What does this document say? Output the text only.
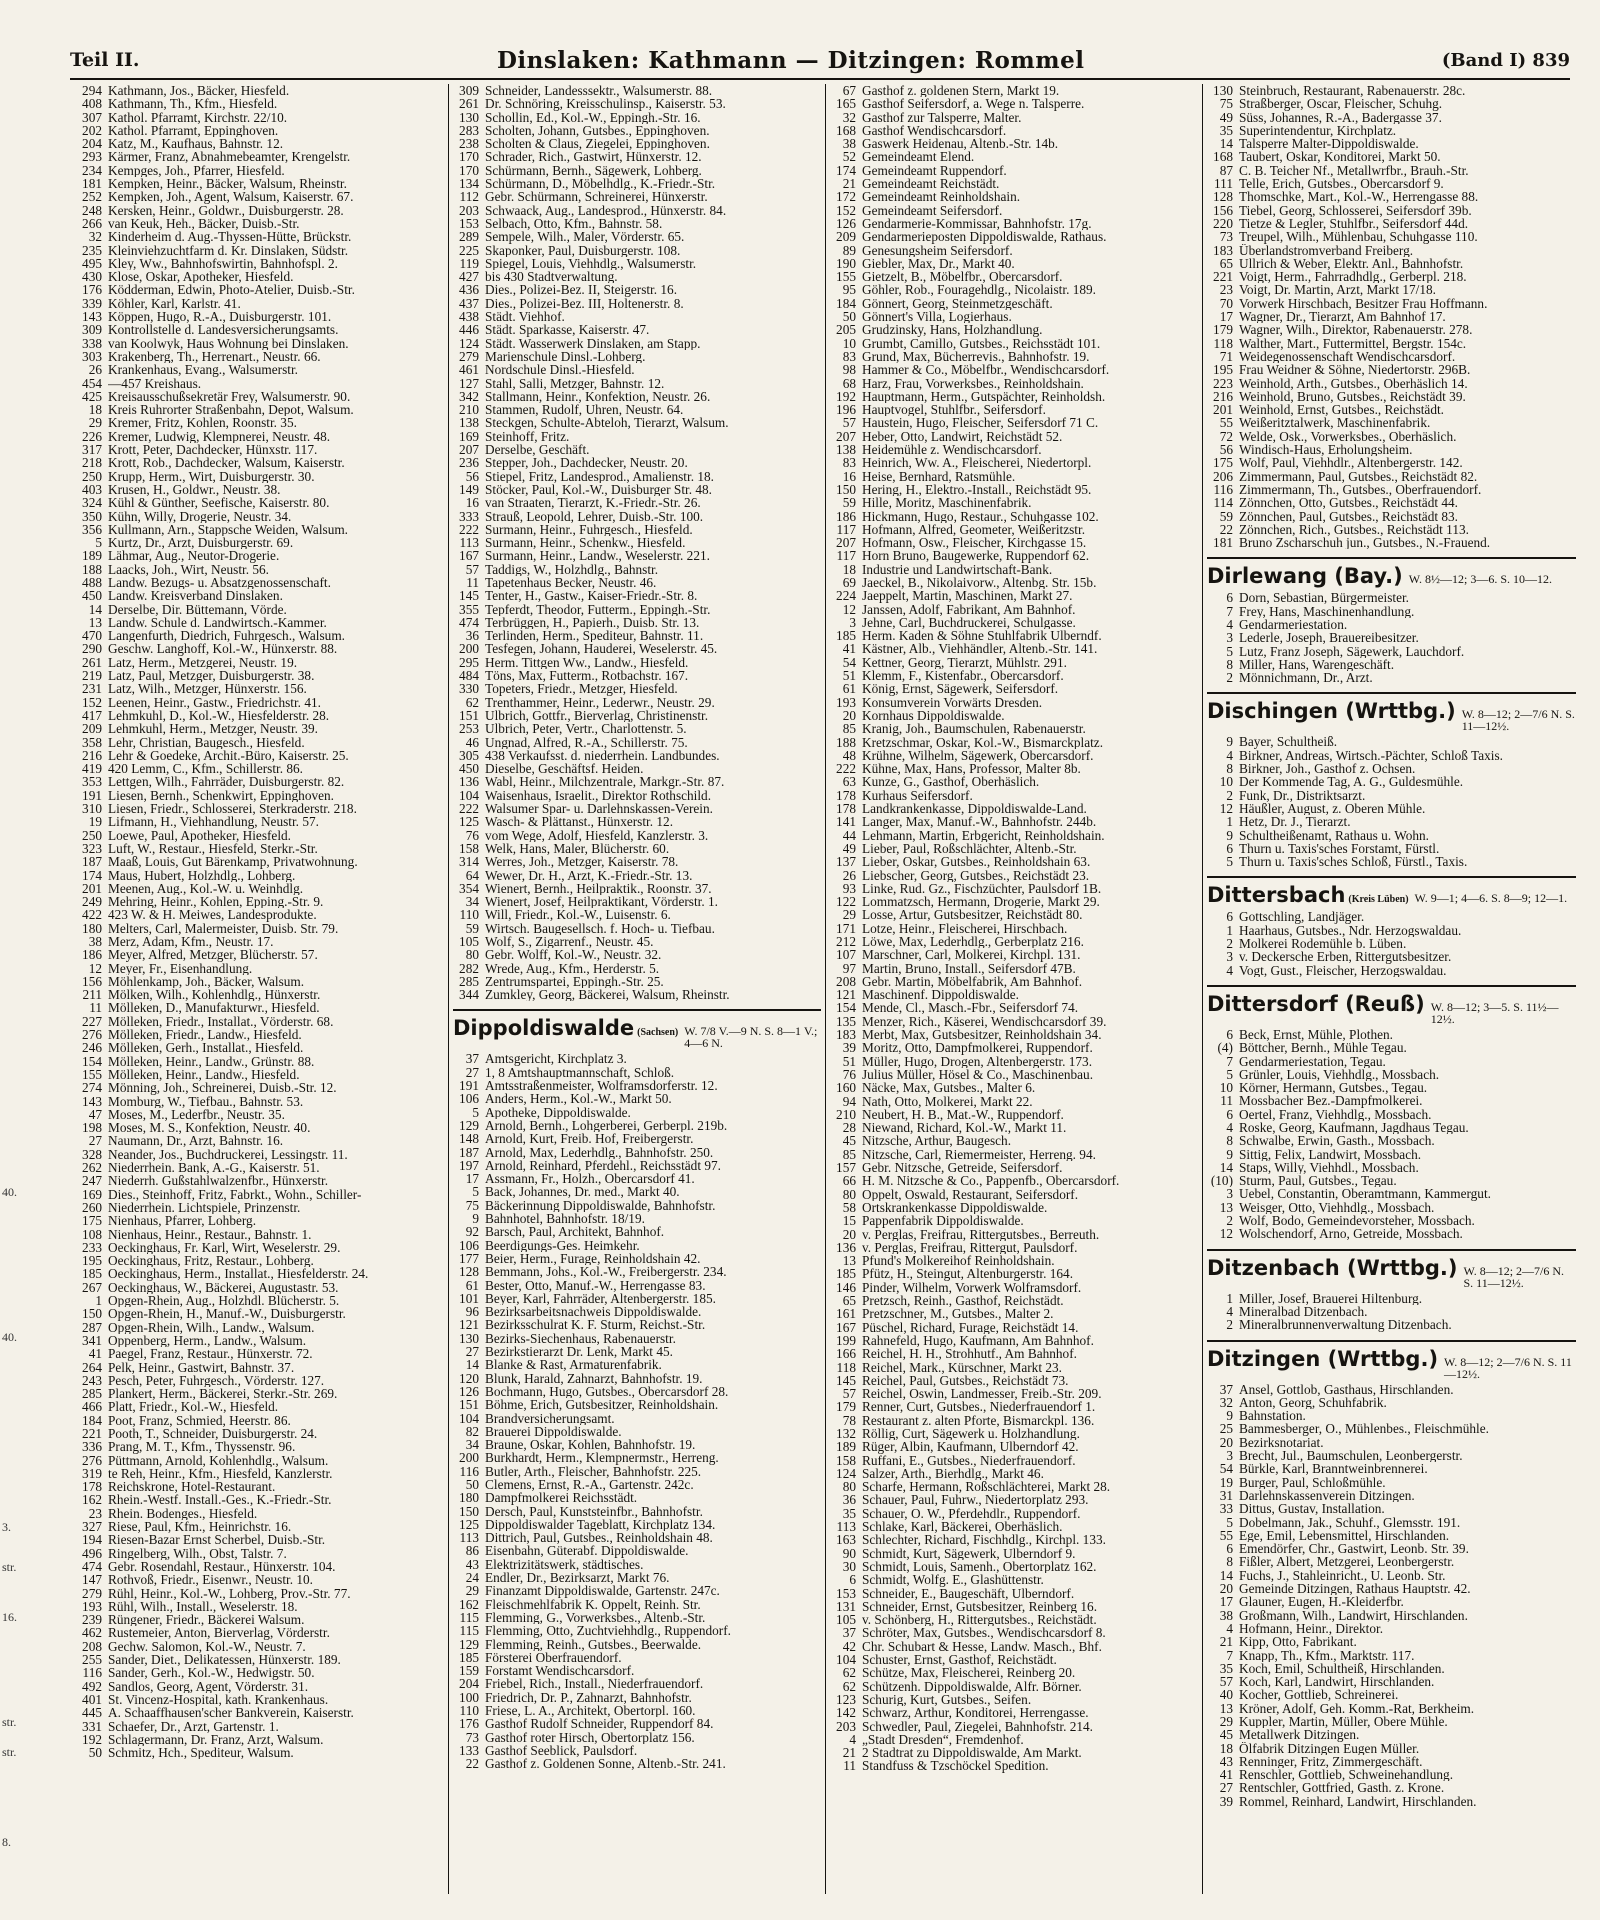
Teil II.	Dinslaken: Kathmann — Ditzingen: Rommel	(Band I) 839
40.
40.
3.
str.
16.
str.
str.
8.
294 Kathmann, Jos., Bäcker, Hiesfeld.
408 Kathmann, Th., Kfm., Hiesfeld.
307 Kathol. Pfarramt, Kirchstr. 22/10.
202 Kathol. Pfarramt, Eppinghoven.
204 Katz, M., Kaufhaus, Bahnstr. 12.
293 Kärmer, Franz, Abnahmebeamter, Krengelstr.
234 Kempges, Joh., Pfarrer, Hiesfeld.
181 Kempken, Heinr., Bäcker, Walsum, Rheinstr.
252 Kempken, Joh., Agent, Walsum, Kaiserstr. 67.
248 Kersken, Heinr., Goldwr., Duisburgerstr. 28.
266 van Keuk, Heh., Bäcker, Duisb.-Str.
32 Kinderheim d. Aug.-Thyssen-Hütte, Brückstr.
235 Kleinviehzuchtfarm d. Kr. Dinslaken, Südstr.
495 Kley, Ww., Bahnhofswirtin, Bahnhofspl. 2.
430 Klose, Oskar, Apotheker, Hiesfeld.
176 Ködderman, Edwin, Photo-Atelier, Duisb.-Str.
339 Köhler, Karl, Karlstr. 41.
143 Köppen, Hugo, R.-A., Duisburgerstr. 101.
309 Kontrollstelle d. Landesversicherungsamts.
338 van Koolwyk, Haus Wohnung bei Dinslaken.
303 Krakenberg, Th., Herrenart., Neustr. 66.
26 Krankenhaus, Evang., Walsumerstr.
454 —457 Kreishaus.
425 Kreisausschußsekretär Frey, Walsumerstr. 90.
18 Kreis Ruhrorter Straßenbahn, Depot, Walsum.
29 Kremer, Fritz, Kohlen, Roonstr. 35.
226 Kremer, Ludwig, Klempnerei, Neustr. 48.
317 Krott, Peter, Dachdecker, Hünxstr. 117.
218 Krott, Rob., Dachdecker, Walsum, Kaiserstr.
250 Krupp, Herm., Wirt, Duisburgerstr. 30.
403 Krusen, H., Goldwr., Neustr. 38.
324 Kühl & Günther, Seefische, Kaiserstr. 80.
350 Kühn, Willy, Drogerie, Neustr. 34.
356 Kullmann, Arn., Stappsche Weiden, Walsum.
5 Kurtz, Dr., Arzt, Duisburgerstr. 69.
189 Lähmar, Aug., Neutor-Drogerie.
188 Laacks, Joh., Wirt, Neustr. 56.
488 Landw. Bezugs- u. Absatzgenossenschaft.
450 Landw. Kreisverband Dinslaken.
14 Derselbe, Dir. Büttemann, Vörde.
13 Landw. Schule d. Landwirtsch.-Kammer.
470 Langenfurth, Diedrich, Fuhrgesch., Walsum.
290 Geschw. Langhoff, Kol.-W., Hünxerstr. 88.
261 Latz, Herm., Metzgerei, Neustr. 19.
219 Latz, Paul, Metzger, Duisburgerstr. 38.
231 Latz, Wilh., Metzger, Hünxerstr. 156.
152 Leenen, Heinr., Gastw., Friedrichstr. 41.
417 Lehmkuhl, D., Kol.-W., Hiesfelderstr. 28.
209 Lehmkuhl, Herm., Metzger, Neustr. 39.
358 Lehr, Christian, Baugesch., Hiesfeld.
216 Lehr & Goedeke, Archit.-Büro, Kaiserstr. 25.
419 420 Lemm, C., Kfm., Schillerstr. 86.
353 Lettgen, Wilh., Fahrräder, Duisburgerstr. 82.
191 Liesen, Bernh., Schenkwirt, Eppinghoven.
310 Liesen, Friedr., Schlosserei, Sterkraderstr. 218.
19 Lifmann, H., Viehhandlung, Neustr. 57.
250 Loewe, Paul, Apotheker, Hiesfeld.
323 Luft, W., Restaur., Hiesfeld, Sterkr.-Str.
187 Maaß, Louis, Gut Bärenkamp, Privatwohnung.
174 Maus, Hubert, Holzhdlg., Lohberg.
201 Meenen, Aug., Kol.-W. u. Weinhdlg.
249 Mehring, Heinr., Kohlen, Epping.-Str. 9.
422 423 W. & H. Meiwes, Landesprodukte.
180 Melters, Carl, Malermeister, Duisb. Str. 79.
38 Merz, Adam, Kfm., Neustr. 17.
186 Meyer, Alfred, Metzger, Blücherstr. 57.
12 Meyer, Fr., Eisenhandlung.
156 Möhlenkamp, Joh., Bäcker, Walsum.
211 Mölken, Wilh., Kohlenhdlg., Hünxerstr.
11 Mölleken, D., Manufakturwr., Hiesfeld.
227 Mölleken, Friedr., Installat., Vörderstr. 68.
276 Mölleken, Friedr., Landw., Hiesfeld.
246 Mölleken, Gerh., Installat., Hiesfeld.
154 Mölleken, Heinr., Landw., Grünstr. 88.
155 Mölleken, Heinr., Landw., Hiesfeld.
274 Mönning, Joh., Schreinerei, Duisb.-Str. 12.
143 Momburg, W., Tiefbau., Bahnstr. 53.
47 Moses, M., Lederfbr., Neustr. 35.
198 Moses, M. S., Konfektion, Neustr. 40.
27 Naumann, Dr., Arzt, Bahnstr. 16.
328 Neander, Jos., Buchdruckerei, Lessingstr. 11.
262 Niederrhein. Bank, A.-G., Kaiserstr. 51.
247 Niederrh. Gußstahlwalzenfbr., Hünxerstr.
169 Dies., Steinhoff, Fritz, Fabrkt., Wohn., Schiller-
260 Niederrhein. Lichtspiele, Prinzenstr.
175 Nienhaus, Pfarrer, Lohberg.
108 Nienhaus, Heinr., Restaur., Bahnstr. 1.
233 Oeckinghaus, Fr. Karl, Wirt, Weselerstr. 29.
195 Oeckinghaus, Fritz, Restaur., Lohberg.
185 Oeckinghaus, Herm., Installat., Hiesfelderstr. 24.
267 Oeckinghaus, W., Bäckerei, Augustastr. 53.
1 Opgen-Rhein, Aug., Holzhdl. Blücherstr. 5.
150 Opgen-Rhein, H., Manuf.-W., Duisburgerstr.
287 Opgen-Rhein, Wilh., Landw., Walsum.
341 Oppenberg, Herm., Landw., Walsum.
41 Paegel, Franz, Restaur., Hünxerstr. 72.
264 Pelk, Heinr., Gastwirt, Bahnstr. 37.
243 Pesch, Peter, Fuhrgesch., Vörderstr. 127.
285 Plankert, Herm., Bäckerei, Sterkr.-Str. 269.
466 Platt, Friedr., Kol.-W., Hiesfeld.
184 Poot, Franz, Schmied, Heerstr. 86.
221 Pooth, T., Schneider, Duisburgerstr. 24.
336 Prang, M. T., Kfm., Thyssenstr. 96.
276 Püttmann, Arnold, Kohlenhdlg., Walsum.
319 te Reh, Heinr., Kfm., Hiesfeld, Kanzlerstr.
178 Reichskrone, Hotel-Restaurant.
162 Rhein.-Westf. Install.-Ges., K.-Friedr.-Str.
23 Rhein. Bodenges., Hiesfeld.
327 Riese, Paul, Kfm., Heinrichstr. 16.
194 Riesen-Bazar Ernst Scherbel, Duisb.-Str.
496 Ringelberg, Wilh., Obst, Talstr. 7.
474 Gebr. Rosendahl, Restaur., Hünxerstr. 104.
147 Rothvoß, Friedr., Eisenwr., Neustr. 10.
279 Rühl, Heinr., Kol.-W., Lohberg, Prov.-Str. 77.
193 Rühl, Wilh., Install., Weselerstr. 18.
239 Rüngener, Friedr., Bäckerei Walsum.
462 Rustemeier, Anton, Bierverlag, Vörderstr.
208 Gechw. Salomon, Kol.-W., Neustr. 7.
255 Sander, Diet., Delikatessen, Hünxerstr. 189.
116 Sander, Gerh., Kol.-W., Hedwigstr. 50.
492 Sandlos, Georg, Agent, Vörderstr. 31.
401 St. Vincenz-Hospital, kath. Krankenhaus.
445 A. Schaaffhausen'scher Bankverein, Kaiserstr.
331 Schaefer, Dr., Arzt, Gartenstr. 1.
192 Schlagermann, Dr. Franz, Arzt, Walsum.
50 Schmitz, Hch., Spediteur, Walsum.
309 Schneider, Landesssektr., Walsumerstr. 88.
261 Dr. Schnöring, Kreisschulinsp., Kaiserstr. 53.
130 Schollin, Ed., Kol.-W., Eppingh.-Str. 16.
283 Scholten, Johann, Gutsbes., Eppinghoven.
238 Scholten & Claus, Ziegelei, Eppinghoven.
170 Schrader, Rich., Gastwirt, Hünxerstr. 12.
170 Schürmann, Bernh., Sägewerk, Lohberg.
134 Schürmann, D., Möbelhdlg., K.-Friedr.-Str.
112 Gebr. Schürmann, Schreinerei, Hünxerstr.
203 Schwaack, Aug., Landesprod., Hünxerstr. 84.
153 Selbach, Otto, Kfm., Bahnstr. 58.
289 Sempele, Wilh., Maler, Vörderstr. 65.
225 Skaponker, Paul, Duisburgerstr. 108.
119 Spiegel, Louis, Viehhdlg., Walsumerstr.
427 bis 430 Stadtverwaltung.
436 Dies., Polizei-Bez. II, Steigerstr. 16.
437 Dies., Polizei-Bez. III, Holtenerstr. 8.
438 Städt. Viehhof.
446 Städt. Sparkasse, Kaiserstr. 47.
124 Städt. Wasserwerk Dinslaken, am Stapp.
279 Marienschule Dinsl.-Lohberg.
461 Nordschule Dinsl.-Hiesfeld.
127 Stahl, Salli, Metzger, Bahnstr. 12.
342 Stallmann, Heinr., Konfektion, Neustr. 26.
210 Stammen, Rudolf, Uhren, Neustr. 64.
138 Steckgen, Schulte-Abteloh, Tierarzt, Walsum.
169 Steinhoff, Fritz.
207 Derselbe, Geschäft.
236 Stepper, Joh., Dachdecker, Neustr. 20.
56 Stiepel, Fritz, Landesprod., Amalienstr. 18.
149 Stöcker, Paul, Kol.-W., Duisburger Str. 48.
16 van Straaten, Tierarzt, K.-Friedr.-Str. 26.
333 Strauß, Leopold, Lehrer, Duisb.-Str. 100.
222 Surmann, Heinr., Fuhrgesch., Hiesfeld.
113 Surmann, Heinr., Schenkw., Hiesfeld.
167 Surmann, Heinr., Landw., Weselerstr. 221.
57 Taddigs, W., Holzhdlg., Bahnstr.
11 Tapetenhaus Becker, Neustr. 46.
145 Tenter, H., Gastw., Kaiser-Friedr.-Str. 8.
355 Tepferdt, Theodor, Futterm., Eppingh.-Str.
474 Terbrüggen, H., Papierh., Duisb. Str. 13.
36 Terlinden, Herm., Spediteur, Bahnstr. 11.
200 Tesfegen, Johann, Hauderei, Weselerstr. 45.
295 Herm. Tittgen Ww., Landw., Hiesfeld.
484 Töns, Max, Futterm., Rotbachstr. 167.
330 Topeters, Friedr., Metzger, Hiesfeld.
62 Trenthammer, Heinr., Lederwr., Neustr. 29.
151 Ulbrich, Gottfr., Bierverlag, Christinenstr.
253 Ulbrich, Peter, Vertr., Charlottenstr. 5.
46 Ungnad, Alfred, R.-A., Schillerstr. 75.
305 438 Verkaufsst. d. niederrhein. Landbundes.
450 Dieselbe, Geschäftsf. Heiden.
136 Wabl, Heinr., Milchzentrale, Markgr.-Str. 87.
104 Waisenhaus, Israelit., Direktor Rothschild.
222 Walsumer Spar- u. Darlehnskassen-Verein.
125 Wasch- & Plättanst., Hünxerstr. 12.
76 vom Wege, Adolf, Hiesfeld, Kanzlerstr. 3.
158 Welk, Hans, Maler, Blücherstr. 60.
314 Werres, Joh., Metzger, Kaiserstr. 78.
64 Wewer, Dr. H., Arzt, K.-Friedr.-Str. 13.
354 Wienert, Bernh., Heilpraktik., Roonstr. 37.
34 Wienert, Josef, Heilpraktikant, Vörderstr. 1.
110 Will, Friedr., Kol.-W., Luisenstr. 6.
59 Wirtsch. Baugesellsch. f. Hoch- u. Tiefbau.
105 Wolf, S., Zigarrenf., Neustr. 45.
80 Gebr. Wolff, Kol.-W., Neustr. 32.
282 Wrede, Aug., Kfm., Herderstr. 5.
285 Zentrumspartei, Eppingh.-Str. 25.
344 Zumkley, Georg, Bäckerei, Walsum, Rheinstr.
Dippoldiswalde (Sachsen) W. 7/8 V.—9 N. S. 8—1 V.; 4—6 N.
37 Amtsgericht, Kirchplatz 3.
27 1, 8 Amtshauptmannschaft, Schloß.
191 Amtsstraßenmeister, Wolframsdorferstr. 12.
106 Anders, Herm., Kol.-W., Markt 50.
5 Apotheke, Dippoldiswalde.
129 Arnold, Bernh., Lohgerberei, Gerberpl. 219b.
148 Arnold, Kurt, Freib. Hof, Freibergerstr.
187 Arnold, Max, Lederhdlg., Bahnhofstr. 250.
197 Arnold, Reinhard, Pferdehl., Reichsstädt 97.
17 Assmann, Fr., Holzh., Obercarsdorf 41.
5 Back, Johannes, Dr. med., Markt 40.
75 Bäckerinnung Dippoldiswalde, Bahnhofstr.
9 Bahnhotel, Bahnhofstr. 18/19.
92 Barsch, Paul, Architekt, Bahnhof.
106 Beerdigungs-Ges. Heimkehr.
177 Beier, Herm., Furage, Reinholdshain 42.
128 Bemmann, Johs., Kol.-W., Freibergerstr. 234.
61 Bester, Otto, Manuf.-W., Herrengasse 83.
101 Beyer, Karl, Fahrräder, Altenbergerstr. 185.
96 Bezirksarbeitsnachweis Dippoldiswalde.
121 Bezirksschulrat K. F. Sturm, Reichst.-Str.
130 Bezirks-Siechenhaus, Rabenauerstr.
27 Bezirkstierarzt Dr. Lenk, Markt 45.
14 Blanke & Rast, Armaturenfabrik.
120 Blunk, Harald, Zahnarzt, Bahnhofstr. 19.
126 Bochmann, Hugo, Gutsbes., Obercarsdorf 28.
151 Böhme, Erich, Gutsbesitzer, Reinholdshain.
104 Brandversicherungsamt.
82 Brauerei Dippoldiswalde.
34 Braune, Oskar, Kohlen, Bahnhofstr. 19.
200 Burkhardt, Herm., Klempnermstr., Herreng.
116 Butler, Arth., Fleischer, Bahnhofstr. 225.
50 Clemens, Ernst, R.-A., Gartenstr. 242c.
180 Dampfmolkerei Reichsstädt.
150 Dersch, Paul, Kunststeinfbr., Bahnhofstr.
125 Dippoldiswalder Tageblatt, Kirchplatz 134.
113 Dittrich, Paul, Gutsbes., Reinholdshain 48.
86 Eisenbahn, Güterabf. Dippoldiswalde.
43 Elektrizitätswerk, städtisches.
24 Endler, Dr., Bezirksarzt, Markt 76.
29 Finanzamt Dippoldiswalde, Gartenstr. 247c.
162 Fleischmehlfabrik K. Oppelt, Reinh. Str.
115 Flemming, G., Vorwerksbes., Altenb.-Str.
115 Flemming, Otto, Zuchtviehhdlg., Ruppendorf.
129 Flemming, Reinh., Gutsbes., Beerwalde.
185 Försterei Oberfrauendorf.
159 Forstamt Wendischcarsdorf.
204 Friebel, Rich., Install., Niederfrauendorf.
100 Friedrich, Dr. P., Zahnarzt, Bahnhofstr.
110 Friese, L. A., Architekt, Obertorpl. 160.
176 Gasthof Rudolf Schneider, Ruppendorf 84.
73 Gasthof roter Hirsch, Obertorplatz 156.
133 Gasthof Seeblick, Paulsdorf.
22 Gasthof z. Goldenen Sonne, Altenb.-Str. 241.
67 Gasthof z. goldenen Stern, Markt 19.
165 Gasthof Seifersdorf, a. Wege n. Talsperre.
32 Gasthof zur Talsperre, Malter.
168 Gasthof Wendischcarsdorf.
38 Gaswerk Heidenau, Altenb.-Str. 14b.
52 Gemeindeamt Elend.
174 Gemeindeamt Ruppendorf.
21 Gemeindeamt Reichstädt.
172 Gemeindeamt Reinholdshain.
152 Gemeindeamt Seifersdorf.
126 Gendarmerie-Kommissar, Bahnhofstr. 17g.
209 Gendarmerieposten Dippoldiswalde, Rathaus.
89 Genesungsheim Seifersdorf.
190 Giebler, Max, Dr., Markt 40.
155 Gietzelt, B., Möbelfbr., Obercarsdorf.
95 Göhler, Rob., Fouragehdlg., Nicolaistr. 189.
184 Gönnert, Georg, Steinmetzgeschäft.
50 Gönnert's Villa, Logierhaus.
205 Grudzinsky, Hans, Holzhandlung.
10 Grumbt, Camillo, Gutsbes., Reichsstädt 101.
83 Grund, Max, Bücherrevis., Bahnhofstr. 19.
98 Hammer & Co., Möbelfbr., Wendischcarsdorf.
68 Harz, Frau, Vorwerksbes., Reinholdshain.
192 Hauptmann, Herm., Gutspächter, Reinholdsh.
196 Hauptvogel, Stuhlfbr., Seifersdorf.
57 Haustein, Hugo, Fleischer, Seifersdorf 71 C.
207 Heber, Otto, Landwirt, Reichstädt 52.
138 Heidemühle z. Wendischcarsdorf.
83 Heinrich, Ww. A., Fleischerei, Niedertorpl.
16 Heise, Bernhard, Ratsmühle.
150 Hering, H., Elektro.-Install., Reichstädt 95.
59 Hille, Moritz, Maschinenfabrik.
186 Hickmann, Hugo, Restaur., Schuhgasse 102.
117 Hofmann, Alfred, Geometer, Weißeritzstr.
207 Hofmann, Osw., Fleischer, Kirchgasse 15.
117 Horn Bruno, Baugewerke, Ruppendorf 62.
18 Industrie und Landwirtschaft-Bank.
69 Jaeckel, B., Nikolaivorw., Altenbg. Str. 15b.
224 Jaeppelt, Martin, Maschinen, Markt 27.
12 Janssen, Adolf, Fabrikant, Am Bahnhof.
3 Jehne, Carl, Buchdruckerei, Schulgasse.
185 Herm. Kaden & Söhne Stuhlfabrik Ulberndf.
41 Kästner, Alb., Viehhändler, Altenb.-Str. 141.
54 Kettner, Georg, Tierarzt, Mühlstr. 291.
51 Klemm, F., Kistenfabr., Obercarsdorf.
61 König, Ernst, Sägewerk, Seifersdorf.
193 Konsumverein Vorwärts Dresden.
20 Kornhaus Dippoldiswalde.
85 Kranig, Joh., Baumschulen, Rabenauerstr.
188 Kretzschmar, Oskar, Kol.-W., Bismarckplatz.
48 Krühne, Wilhelm, Sägewerk, Obercarsdorf.
222 Kühne, Max, Hans, Professor, Malter 8b.
63 Kunze, G., Gasthof, Oberhäslich.
178 Kurhaus Seifersdorf.
178 Landkrankenkasse, Dippoldiswalde-Land.
141 Langer, Max, Manuf.-W., Bahnhofstr. 244b.
44 Lehmann, Martin, Erbgericht, Reinholdshain.
49 Lieber, Paul, Roßschlächter, Altenb.-Str.
137 Lieber, Oskar, Gutsbes., Reinholdshain 63.
26 Liebscher, Georg, Gutsbes., Reichstädt 23.
93 Linke, Rud. Gz., Fischzüchter, Paulsdorf 1B.
122 Lommatzsch, Hermann, Drogerie, Markt 29.
29 Losse, Artur, Gutsbesitzer, Reichstädt 80.
171 Lotze, Heinr., Fleischerei, Hirschbach.
212 Löwe, Max, Lederhdlg., Gerberplatz 216.
107 Marschner, Carl, Molkerei, Kirchpl. 131.
97 Martin, Bruno, Install., Seifersdorf 47B.
208 Gebr. Martin, Möbelfabrik, Am Bahnhof.
121 Maschinenf. Dippoldiswalde.
154 Mende, Cl., Masch.-Fbr., Seifersdorf 74.
135 Menzer, Rich., Käserei, Wendischcarsdorf 39.
183 Merbt, Max, Gutsbesitzer, Reinholdshain 34.
39 Moritz, Otto, Dampfmolkerei, Ruppendorf.
51 Müller, Hugo, Drogen, Altenbergerstr. 173.
76 Julius Müller, Hösel & Co., Maschinenbau.
160 Näcke, Max, Gutsbes., Malter 6.
94 Nath, Otto, Molkerei, Markt 22.
210 Neubert, H. B., Mat.-W., Ruppendorf.
28 Niewand, Richard, Kol.-W., Markt 11.
45 Nitzsche, Arthur, Baugesch.
85 Nitzsche, Carl, Riemermeister, Herreng. 94.
157 Gebr. Nitzsche, Getreide, Seifersdorf.
66 H. M. Nitzsche & Co., Pappenfb., Obercarsdorf.
80 Oppelt, Oswald, Restaurant, Seifersdorf.
58 Ortskrankenkasse Dippoldiswalde.
15 Pappenfabrik Dippoldiswalde.
20 v. Perglas, Freifrau, Rittergutsbes., Berreuth.
136 v. Perglas, Freifrau, Rittergut, Paulsdorf.
13 Pfund's Molkereihof Reinholdshain.
185 Pfütz, H., Steingut, Altenburgerstr. 164.
146 Pinder, Wilhelm, Vorwerk Wolframsdorf.
65 Pretzsch, Reinh., Gasthof, Reichstädt.
161 Pretzschner, M., Gutsbes., Malter 2.
167 Püschel, Richard, Furage, Reichstädt 14.
199 Rahnefeld, Hugo, Kaufmann, Am Bahnhof.
166 Reichel, H. H., Strohhutf., Am Bahnhof.
118 Reichel, Mark., Kürschner, Markt 23.
145 Reichel, Paul, Gutsbes., Reichstädt 73.
57 Reichel, Oswin, Landmesser, Freib.-Str. 209.
179 Renner, Curt, Gutsbes., Niederfrauendorf 1.
78 Restaurant z. alten Pforte, Bismarckpl. 136.
132 Röllig, Curt, Sägewerk u. Holzhandlung.
189 Rüger, Albin, Kaufmann, Ulberndorf 42.
158 Ruffani, E., Gutsbes., Niederfrauendorf.
124 Salzer, Arth., Bierhdlg., Markt 46.
80 Scharfe, Hermann, Roßschlächterei, Markt 28.
36 Schauer, Paul, Fuhrw., Niedertorplatz 293.
35 Schauer, O. W., Pferdehdlr., Ruppendorf.
113 Schlake, Karl, Bäckerei, Oberhäslich.
163 Schlechter, Richard, Fischhdlg., Kirchpl. 133.
90 Schmidt, Kurt, Sägewerk, Ulberndorf 9.
30 Schmidt, Louis, Samenh., Obertorplatz 162.
6 Schmidt, Wolfg. E., Glashüttenstr.
153 Schneider, E., Baugeschäft, Ulberndorf.
131 Schneider, Ernst, Gutsbesitzer, Reinberg 16.
105 v. Schönberg, H., Rittergutsbes., Reichstädt.
37 Schröter, Max, Gutsbes., Wendischcarsdorf 8.
42 Chr. Schubart & Hesse, Landw. Masch., Bhf.
104 Schuster, Ernst, Gasthof, Reichstädt.
62 Schütze, Max, Fleischerei, Reinberg 20.
62 Schützenh. Dippoldiswalde, Alfr. Börner.
123 Schurig, Kurt, Gutsbes., Seifen.
142 Schwarz, Arthur, Konditorei, Herrengasse.
203 Schwedler, Paul, Ziegelei, Bahnhofstr. 214.
4 „Stadt Dresden“, Fremdenhof.
21 2 Stadtrat zu Dippoldiswalde, Am Markt.
11 Standfuss & Tzschöckel Spedition.
130 Steinbruch, Restaurant, Rabenauerstr. 28c.
75 Straßberger, Oscar, Fleischer, Schuhg.
49 Süss, Johannes, R.-A., Badergasse 37.
35 Superintendentur, Kirchplatz.
14 Talsperre Malter-Dippoldiswalde.
168 Taubert, Oskar, Konditorei, Markt 50.
87 C. B. Teicher Nf., Metallwrfbr., Brauh.-Str.
111 Telle, Erich, Gutsbes., Obercarsdorf 9.
128 Thomschke, Mart., Kol.-W., Herrengasse 88.
156 Tiebel, Georg, Schlosserei, Seifersdorf 39b.
220 Tietze & Legler, Stuhlfbr., Seifersdorf 44d.
73 Treupel, Wilh., Mühlenbau, Schuhgasse 110.
183 Überlandstromverband Freiberg.
65 Ullrich & Weber, Elektr. Anl., Bahnhofstr.
221 Voigt, Herm., Fahrradhdlg., Gerberpl. 218.
23 Voigt, Dr. Martin, Arzt, Markt 17/18.
70 Vorwerk Hirschbach, Besitzer Frau Hoffmann.
17 Wagner, Dr., Tierarzt, Am Bahnhof 17.
179 Wagner, Wilh., Direktor, Rabenauerstr. 278.
118 Walther, Mart., Futtermittel, Bergstr. 154c.
71 Weidegenossenschaft Wendischcarsdorf.
195 Frau Weidner & Söhne, Niedertorstr. 296B.
223 Weinhold, Arth., Gutsbes., Oberhäslich 14.
216 Weinhold, Bruno, Gutsbes., Reichstädt 39.
201 Weinhold, Ernst, Gutsbes., Reichstädt.
55 Weißeritztalwerk, Maschinenfabrik.
72 Welde, Osk., Vorwerksbes., Oberhäslich.
56 Windisch-Haus, Erholungsheim.
175 Wolf, Paul, Viehhdlr., Altenbergerstr. 142.
206 Zimmermann, Paul, Gutsbes., Reichstädt 82.
116 Zimmermann, Th., Gutsbes., Oberfrauendorf.
114 Zönnchen, Otto, Gutsbes., Reichstädt 44.
59 Zönnchen, Paul, Gutsbes., Reichstädt 83.
22 Zönnchen, Rich., Gutsbes., Reichstädt 113.
181 Bruno Zscharschuh jun., Gutsbes., N.-Frauend.
Dirlewang (Bay.) W. 8½—12; 3—6. S. 10—12.
6 Dorn, Sebastian, Bürgermeister.
7 Frey, Hans, Maschinenhandlung.
4 Gendarmeriestation.
3 Lederle, Joseph, Brauereibesitzer.
5 Lutz, Franz Joseph, Sägewerk, Lauchdorf.
8 Miller, Hans, Warengeschäft.
2 Mönnichmann, Dr., Arzt.
Dischingen (Wrttbg.) W. 8—12; 2—7/6 N. S. 11—12½.
9 Bayer, Schultheiß.
4 Birkner, Andreas, Wirtsch.-Pächter, Schloß Taxis.
8 Birkner, Joh., Gasthof z. Ochsen.
10 Der Kommende Tag, A. G., Guldesmühle.
2 Funk, Dr., Distriktsarzt.
12 Häußler, August, z. Oberen Mühle.
1 Hetz, Dr. J., Tierarzt.
9 Schultheißenamt, Rathaus u. Wohn.
6 Thurn u. Taxis'sches Forstamt, Fürstl.
5 Thurn u. Taxis'sches Schloß, Fürstl., Taxis.
Dittersbach (Kreis Lüben) W. 9—1; 4—6. S. 8—9; 12—1.
6 Gottschling, Landjäger.
1 Haarhaus, Gutsbes., Ndr. Herzogswaldau.
2 Molkerei Rodemühle b. Lüben.
3 v. Deckersche Erben, Rittergutsbesitzer.
4 Vogt, Gust., Fleischer, Herzogswaldau.
Dittersdorf (Reuß) W. 8—12; 3—5. S. 11½—12½.
6 Beck, Ernst, Mühle, Plothen.
(4) Böttcher, Bernh., Mühle Tegau.
7 Gendarmeriestation, Tegau.
5 Grünler, Louis, Viehhdlg., Mossbach.
10 Körner, Hermann, Gutsbes., Tegau.
11 Mossbacher Bez.-Dampfmolkerei.
6 Oertel, Franz, Viehhdlg., Mossbach.
4 Roske, Georg, Kaufmann, Jagdhaus Tegau.
8 Schwalbe, Erwin, Gasth., Mossbach.
9 Sittig, Felix, Landwirt, Mossbach.
14 Staps, Willy, Viehhdl., Mossbach.
(10) Sturm, Paul, Gutsbes., Tegau.
3 Uebel, Constantin, Oberamtmann, Kammergut.
13 Weisger, Otto, Viehhdlg., Mossbach.
2 Wolf, Bodo, Gemeindevorsteher, Mossbach.
12 Wolschendorf, Arno, Getreide, Mossbach.
Ditzenbach (Wrttbg.) W. 8—12; 2—7/6 N. S. 11—12½.
1 Miller, Josef, Brauerei Hiltenburg.
4 Mineralbad Ditzenbach.
2 Mineralbrunnenverwaltung Ditzenbach.
Ditzingen (Wrttbg.) W. 8—12; 2—7/6 N. S. 11—12½.
37 Ansel, Gottlob, Gasthaus, Hirschlanden.
32 Anton, Georg, Schuhfabrik.
9 Bahnstation.
25 Bammesberger, O., Mühlenbes., Fleischmühle.
20 Bezirksnotariat.
3 Brecht, Jul., Baumschulen, Leonbergerstr.
54 Bürkle, Karl, Branntweinbrennerei.
19 Burger, Paul, Schloßmühle.
31 Darlehnskassenverein Ditzingen.
33 Dittus, Gustav, Installation.
5 Dobelmann, Jak., Schuhf., Glemsstr. 191.
55 Ege, Emil, Lebensmittel, Hirschlanden.
6 Emendörfer, Chr., Gastwirt, Leonb. Str. 39.
8 Fißler, Albert, Metzgerei, Leonbergerstr.
14 Fuchs, J., Stahleinricht., U. Leonb. Str.
20 Gemeinde Ditzingen, Rathaus Hauptstr. 42.
17 Glauner, Eugen, H.-Kleiderfbr.
38 Großmann, Wilh., Landwirt, Hirschlanden.
4 Hofmann, Heinr., Direktor.
21 Kipp, Otto, Fabrikant.
7 Knapp, Th., Kfm., Marktstr. 117.
35 Koch, Emil, Schultheiß, Hirschlanden.
57 Koch, Karl, Landwirt, Hirschlanden.
40 Kocher, Gottlieb, Schreinerei.
13 Kröner, Adolf, Geh. Komm.-Rat, Berkheim.
29 Kuppler, Martin, Müller, Obere Mühle.
45 Metallwerk Ditzingen.
18 Ölfabrik Ditzingen Eugen Müller.
43 Renninger, Fritz, Zimmergeschäft.
41 Renschler, Gottlieb, Schweinehandlung.
27 Rentschler, Gottfried, Gasth. z. Krone.
39 Rommel, Reinhard, Landwirt, Hirschlanden.
